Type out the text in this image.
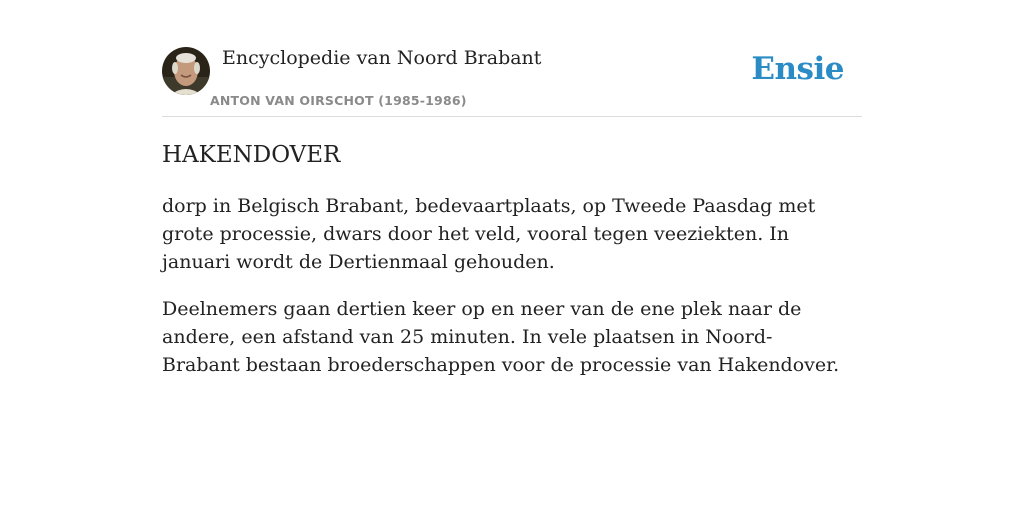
Encyclopedie van Noord Brabant
ANTON VAN OIRSCHOT (1985-1986)
Ensie
HAKENDOVER

dorp in Belgisch Brabant, bedevaartplaats, op Tweede Paasdag met grote processie, dwars door het veld, vooral tegen veeziekten. In januari wordt de Dertienmaal gehouden.

Deelnemers gaan dertien keer op en neer van de ene plek naar de andere, een afstand van 25 minuten. In vele plaatsen in Noord-Brabant bestaan broederschappen voor de processie van Hakendover.
